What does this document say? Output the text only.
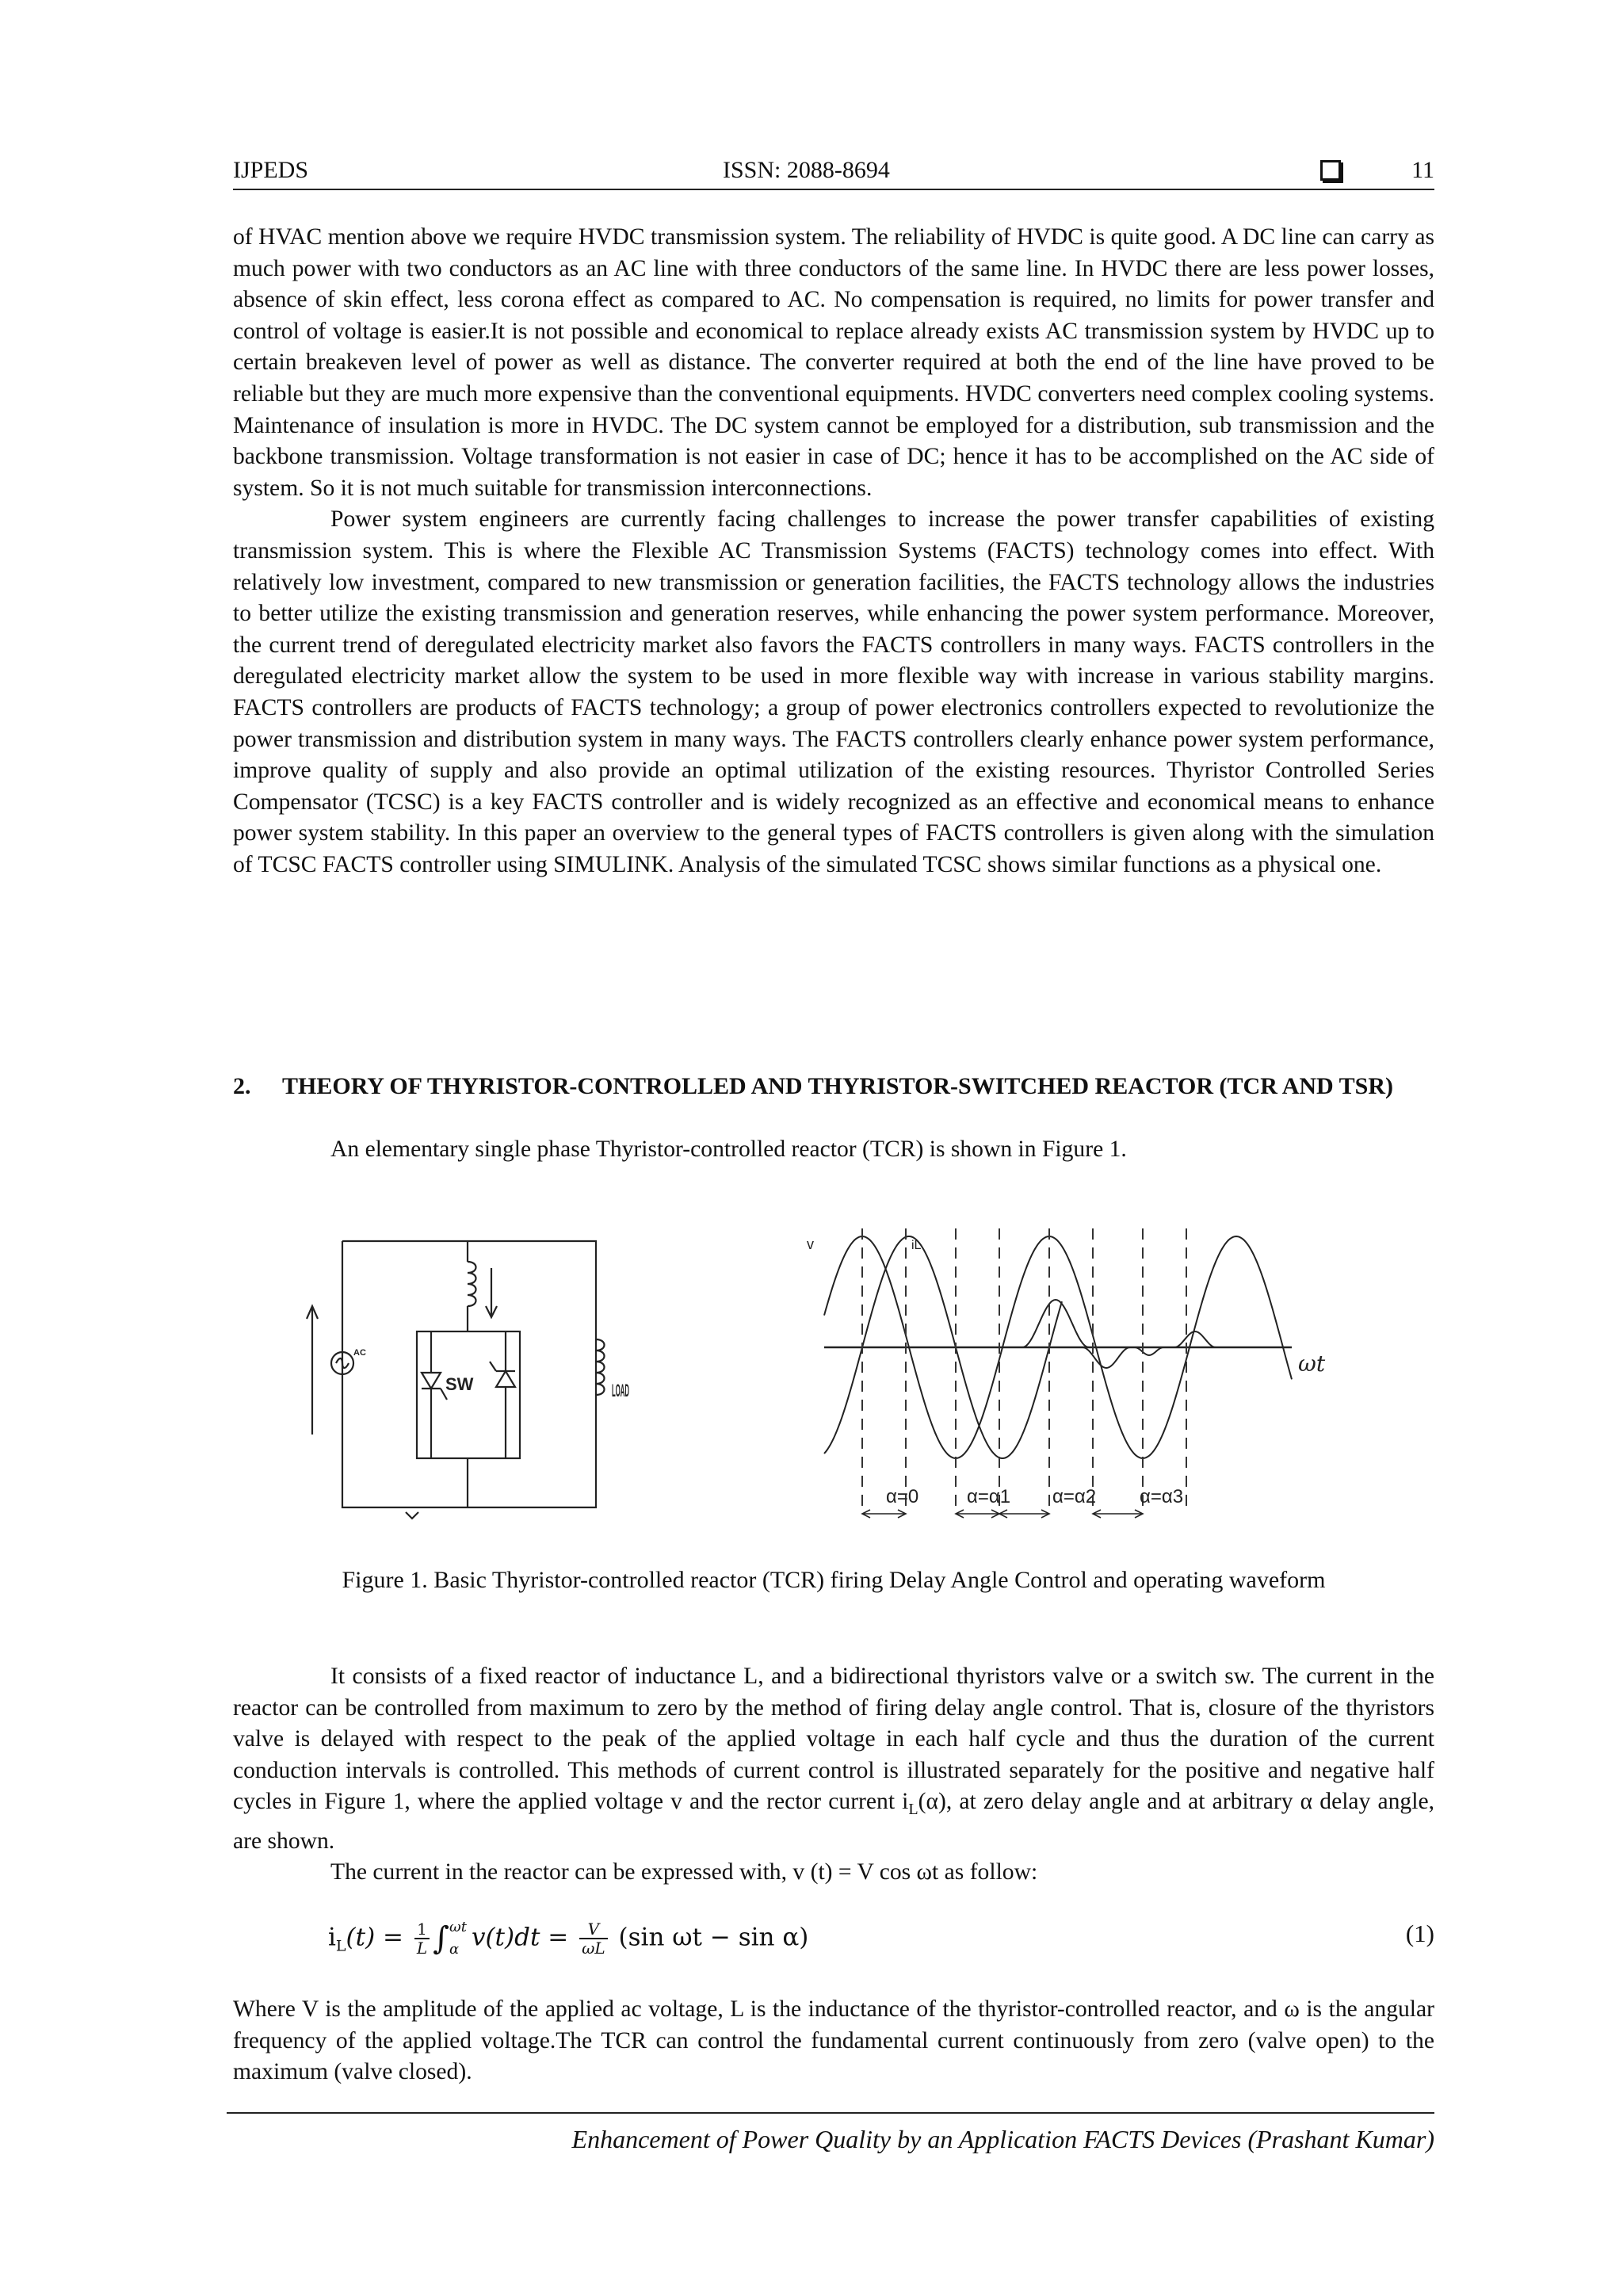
IJPEDS	ISSN: 2088-8694	11

of HVAC mention above we require HVDC transmission system. The reliability of HVDC is quite good. A DC line can carry as much power with two conductors as an AC line with three conductors of the same line. In HVDC there are less power losses, absence of skin effect, less corona effect as compared to AC. No compensation is required, no limits for power transfer and control of voltage is easier.It is not possible and economical to replace already exists AC transmission system by HVDC up to certain breakeven level of power as well as distance. The converter required at both the end of the line have proved to be reliable but they are much more expensive than the conventional equipments. HVDC converters need complex cooling systems. Maintenance of insulation is more in HVDC. The DC system cannot be employed for a distribution, sub transmission and the backbone transmission. Voltage transformation is not easier in case of DC; hence it has to be accomplished on the AC side of system. So it is not much suitable for transmission interconnections.

Power system engineers are currently facing challenges to increase the power transfer capabilities of existing transmission system. This is where the Flexible AC Transmission Systems (FACTS) technology comes into effect. With relatively low investment, compared to new transmission or generation facilities, the FACTS technology allows the industries to better utilize the existing transmission and generation reserves, while enhancing the power system performance. Moreover, the current trend of deregulated electricity market also favors the FACTS controllers in many ways. FACTS controllers in the deregulated electricity market allow the system to be used in more flexible way with increase in various stability margins. FACTS controllers are products of FACTS technology; a group of power electronics controllers expected to revolutionize the power transmission and distribution system in many ways. The FACTS controllers clearly enhance power system performance, improve quality of supply and also provide an optimal utilization of the existing resources. Thyristor Controlled Series Compensator (TCSC) is a key FACTS controller and is widely recognized as an effective and economical means to enhance power system stability. In this paper an overview to the general types of FACTS controllers is given along with the simulation of TCSC FACTS controller using SIMULINK. Analysis of the simulated TCSC shows similar functions as a physical one.

2. THEORY OF THYRISTOR-CONTROLLED AND THYRISTOR-SWITCHED REACTOR (TCR AND TSR)

An elementary single phase Thyristor-controlled reactor (TCR) is shown in Figure 1.

AC
SW	LOAD
v	iL
ωt
α=0	α=α1 α=α2 α=α3
Figure 1. Basic Thyristor-controlled reactor (TCR) firing Delay Angle Control and operating waveform

It consists of a fixed reactor of inductance L, and a bidirectional thyristors valve or a switch sw. The current in the reactor can be controlled from maximum to zero by the method of firing delay angle control. That is, closure of the thyristors valve is delayed with respect to the peak of the applied voltage in each half cycle and thus the duration of the current conduction intervals is controlled. This methods of current control is illustrated separately for the positive and negative half cycles in Figure 1, where the applied voltage v and the rector current $i_L(\alpha)$, at zero delay angle and at arbitrary α delay angle, are shown.

The current in the reactor can be expressed with, v (t) = V cos ωt as follow:

$i_L(t) = \frac{1}{L}$ ∫ ωt
α $v(t)dt = \frac{V}{\omega L} (\sin$ ωt − sin α)	(1)

Where V is the amplitude of the applied ac voltage, L is the inductance of the thyristor-controlled reactor, and ω is the angular frequency of the applied voltage.The TCR can control the fundamental current continuously from zero (valve open) to the maximum (valve closed).

Enhancement of Power Quality by an Application FACTS Devices (Prashant Kumar)
